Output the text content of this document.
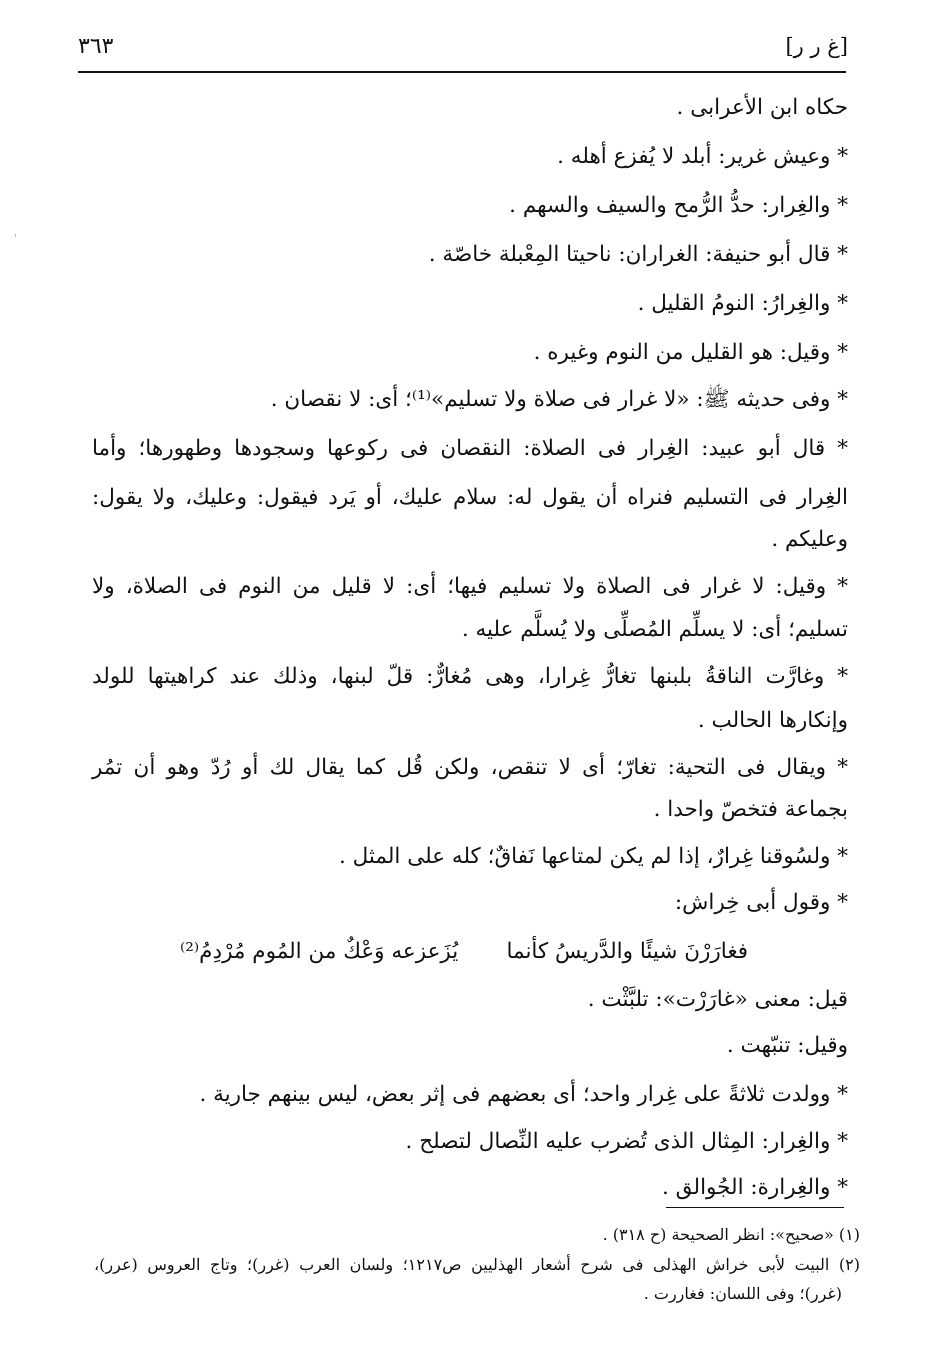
[غ ر ر]
٣٦٣
حكاه ابن الأعرابى .
* وعيش غرير: أبلد لا يُفزع أهله .
* والغِرار: حدُّ الرُّمح والسيف والسهم .
* قال أبو حنيفة: الغراران: ناحيتا المِعْبلة خاصّة .
* والغِرارُ: النومُ القليل .
* وقيل: هو القليل من النوم وغيره .
* وفى حديثه ﷺ: «لا غرار فى صلاة ولا تسليم»⁽¹⁾؛ أى: لا نقصان .
* قال أبو عبيد: الغِرار فى الصلاة: النقصان فى ركوعها وسجودها وطهورها؛ وأما
الغِرار فى التسليم فنراه أن يقول له: سلام عليك، أو يَرد فيقول: وعليك، ولا يقول:
وعليكم .
* وقيل: لا غرار فى الصلاة ولا تسليم فيها؛ أى: لا قليل من النوم فى الصلاة، ولا
تسليم؛ أى: لا يسلِّم المُصلِّى ولا يُسلَّم عليه .
* وغارَّت الناقةُ بلبنها تغارُّ غِرارا، وهى مُغارٌّ: قلّ لبنها، وذلك عند كراهيتها للولد
وإنكارها الحالب .
* ويقال فى التحية: تغارّ؛ أى لا تنقص، ولكن قُل كما يقال لك أو رُدّ وهو أن تمُر
بجماعة فتخصّ واحدا .
* ولسُوقنا غِرارٌ، إذا لم يكن لمتاعها نَفاقٌ؛ كله على المثل .
* وقول أبى خِراش:
فغارَرْنَ شيئًا والدَّريسُ كأنما
يُزَعزعه وَعْكٌ من المُوم مُرْدِمُ⁽²⁾
قيل: معنى «غارَرْت»: تلبَّثْت .
وقيل: تنبّهت .
* وولدت ثلاثةً على غِرار واحد؛ أى بعضهم فى إثر بعض، ليس بينهم جارية .
* والغِرار: المِثال الذى تُضرب عليه النِّصال لتصلح .
* والغِرارة: الجُوالق .
(١) «صحيح»: انظر الصحيحة (ح ٣١٨) .
(٢) البيت لأبى خراش الهذلى فى شرح أشعار الهذليين ص١٢١٧؛ ولسان العرب (غرر)؛ وتاج العروس (عرر)،
(غرر)؛ وفى اللسان: فغاررت .
